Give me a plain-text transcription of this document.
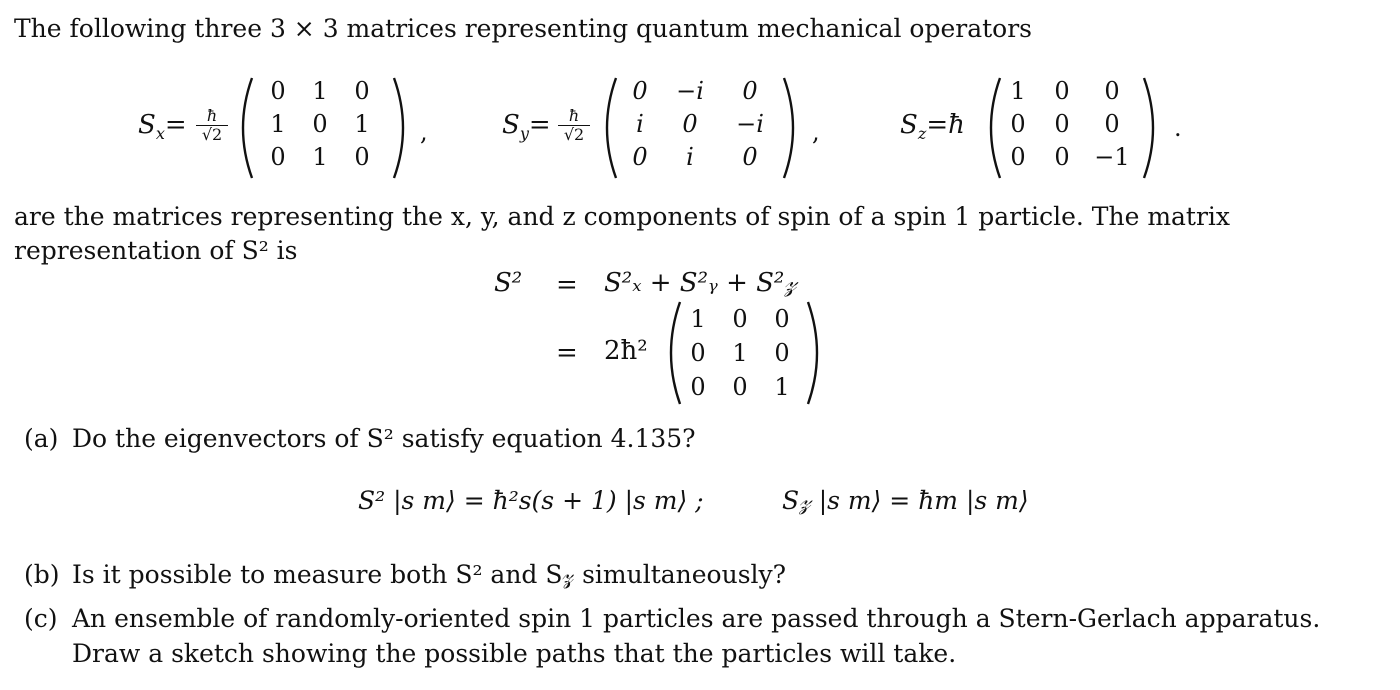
The following three 3 × 3 matrices representing quantum mechanical operators
$S_x=$	ħ
√2
0	1	0
1	0	1
0	1	0
,	$S_y=$	ħ
√2
0	−i	0
i	0	−i
0	i	0
,	$S_z=ħ$
1	0	0
0	0	0
0	0	−1
.
are the matrices representing the x, y, and z components of spin of a spin 1 particle. The matrix
representation of S² is
S² = S²ₓ + S²ᵧ + S²𝓏
= 2ħ²
1	0	0
0	1	0
0	0	1
(a) Do the eigenvectors of S² satisfy equation 4.135?
S² |s m⟩ = ħ²s(s + 1) |s m⟩ ;	S𝓏 |s m⟩ = ħm |s m⟩
(b) Is it possible to measure both S² and S𝓏 simultaneously?
(c) An ensemble of randomly-oriented spin 1 particles are passed through a Stern-Gerlach apparatus.
Draw a sketch showing the possible paths that the particles will take.
